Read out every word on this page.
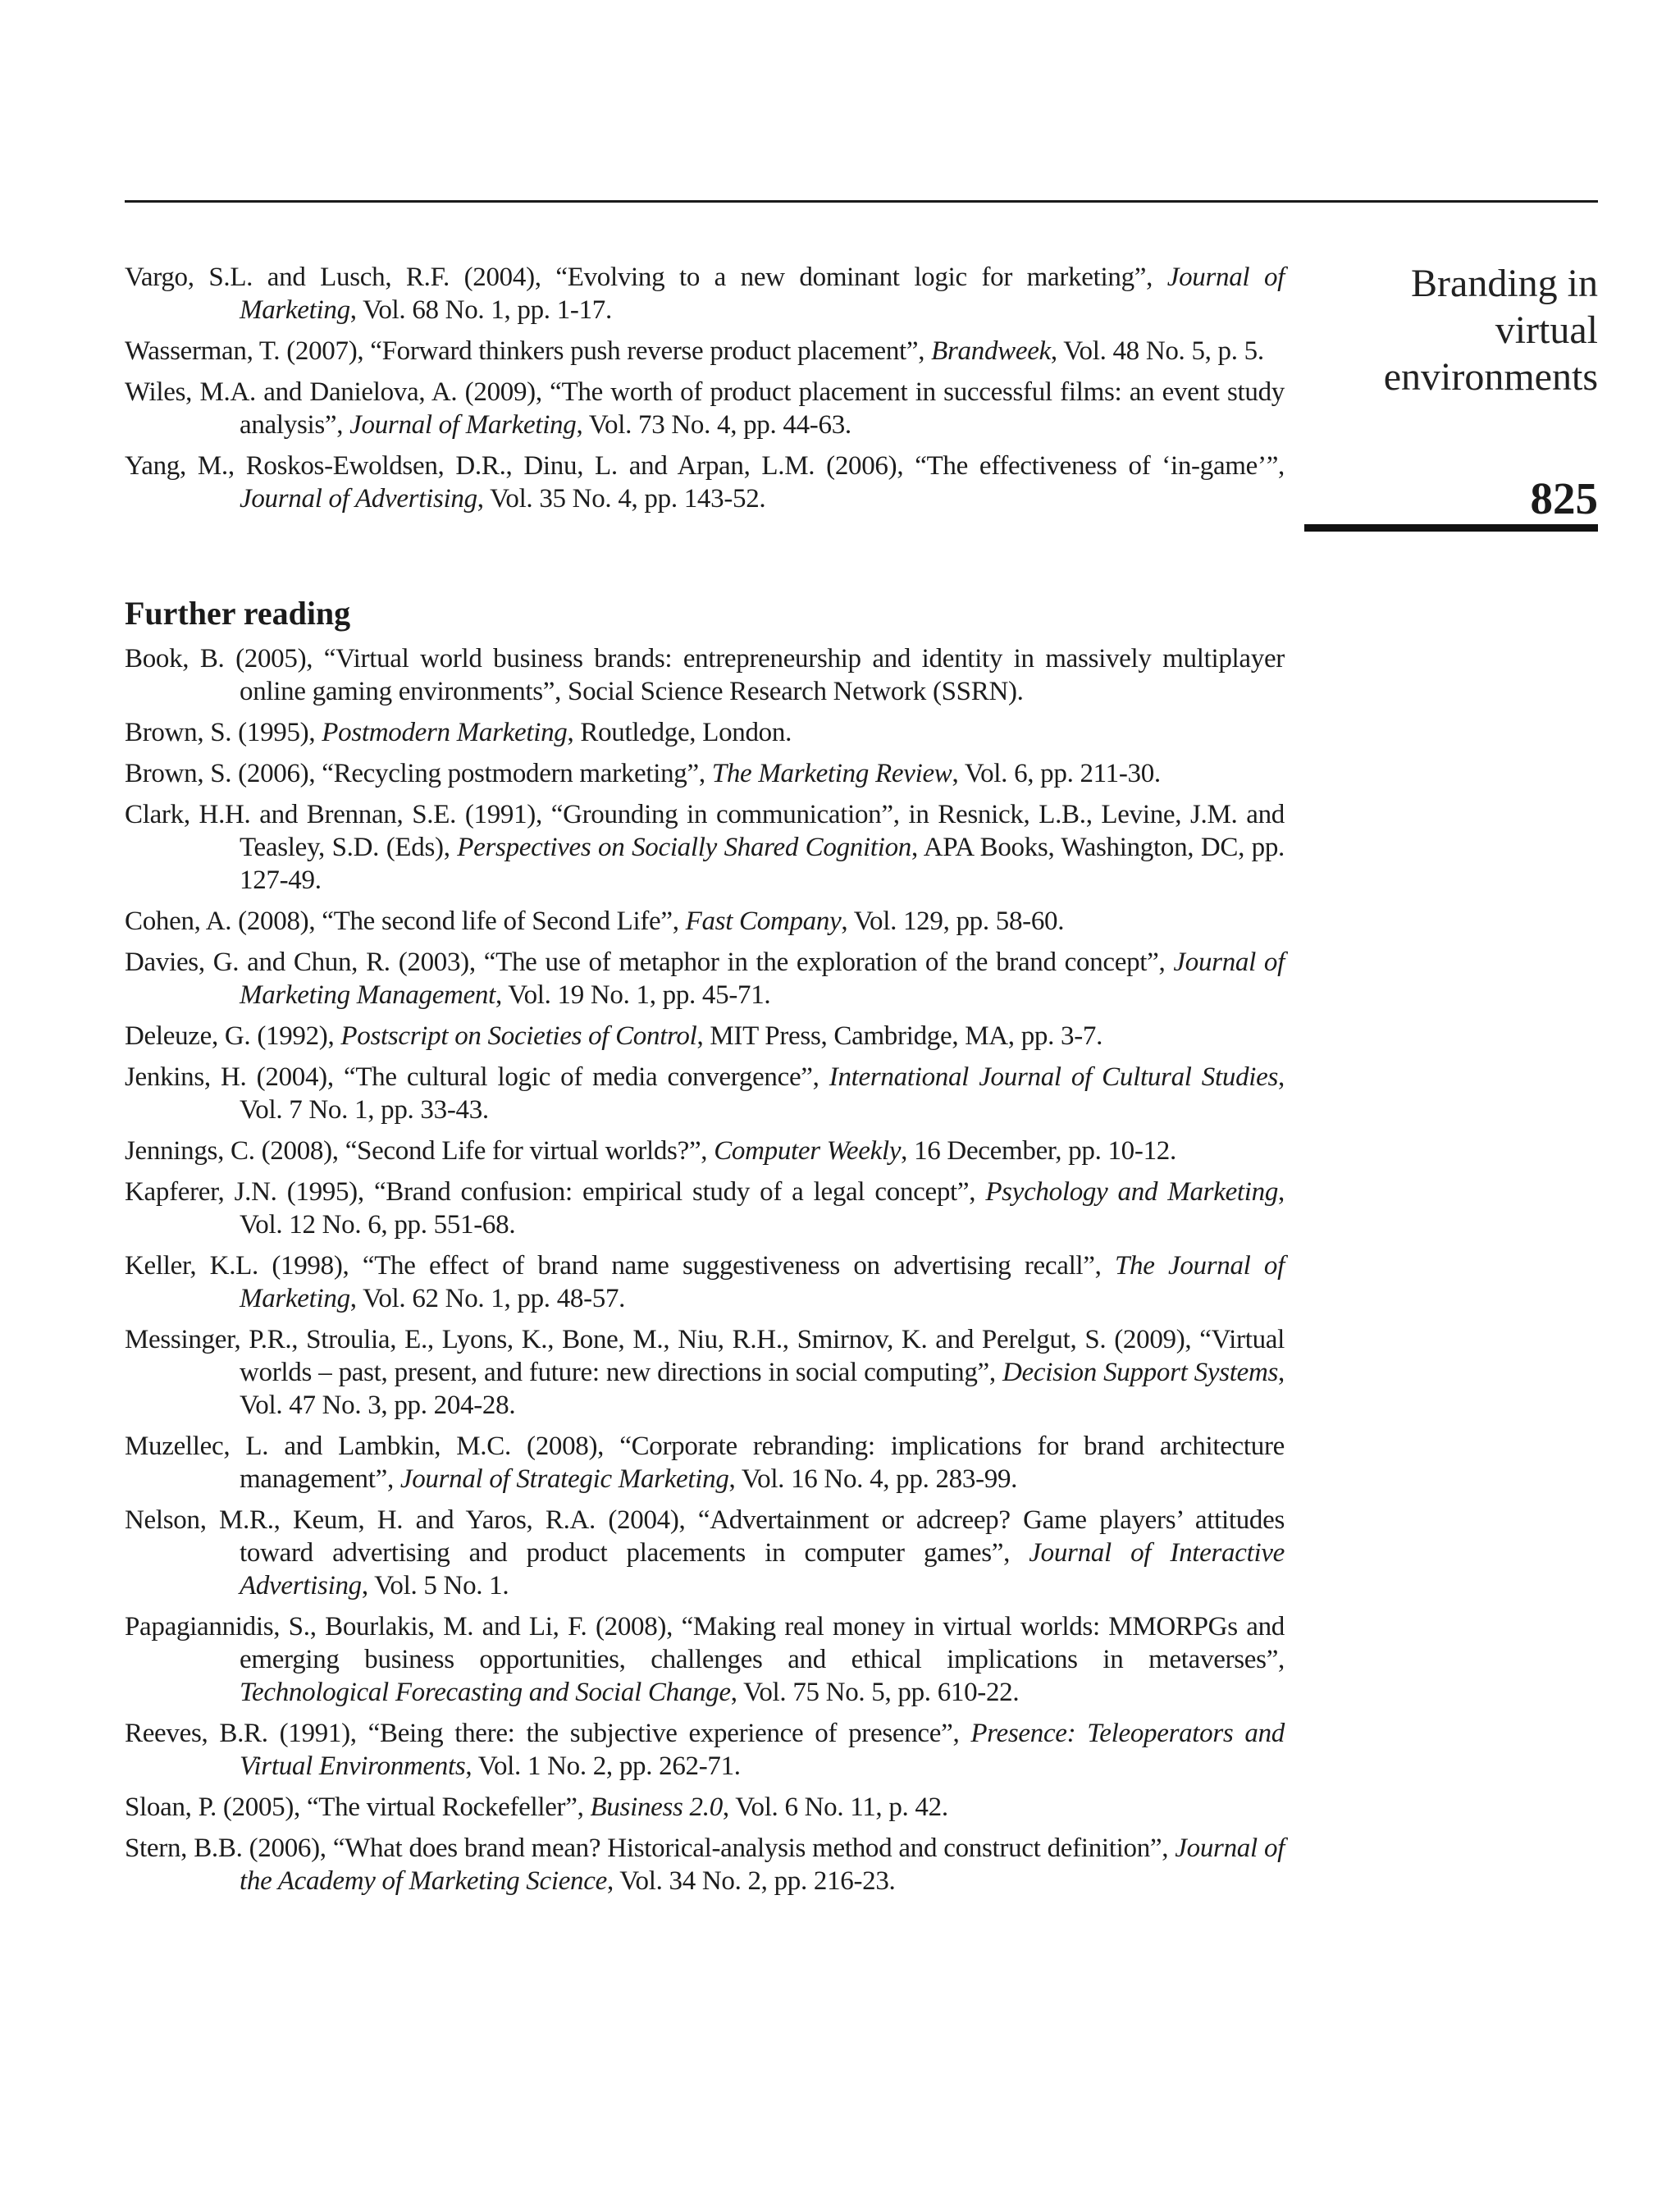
Vargo, S.L. and Lusch, R.F. (2004), “Evolving to a new dominant logic for marketing”, Journal of Marketing, Vol. 68 No. 1, pp. 1-17.

Wasserman, T. (2007), “Forward thinkers push reverse product placement”, Brandweek, Vol. 48 No. 5, p. 5.

Wiles, M.A. and Danielova, A. (2009), “The worth of product placement in successful films: an event study analysis”, Journal of Marketing, Vol. 73 No. 4, pp. 44-63.

Yang, M., Roskos-Ewoldsen, D.R., Dinu, L. and Arpan, L.M. (2006), “The effectiveness of ‘in-game’”, Journal of Advertising, Vol. 35 No. 4, pp. 143-52.

Further reading

Book, B. (2005), “Virtual world business brands: entrepreneurship and identity in massively multiplayer online gaming environments”, Social Science Research Network (SSRN).

Brown, S. (1995), Postmodern Marketing, Routledge, London.

Brown, S. (2006), “Recycling postmodern marketing”, The Marketing Review, Vol. 6, pp. 211-30.

Clark, H.H. and Brennan, S.E. (1991), “Grounding in communication”, in Resnick, L.B., Levine, J.M. and Teasley, S.D. (Eds), Perspectives on Socially Shared Cognition, APA Books, Washington, DC, pp. 127-49.

Cohen, A. (2008), “The second life of Second Life”, Fast Company, Vol. 129, pp. 58-60.

Davies, G. and Chun, R. (2003), “The use of metaphor in the exploration of the brand concept”, Journal of Marketing Management, Vol. 19 No. 1, pp. 45-71.

Deleuze, G. (1992), Postscript on Societies of Control, MIT Press, Cambridge, MA, pp. 3-7.

Jenkins, H. (2004), “The cultural logic of media convergence”, International Journal of Cultural Studies, Vol. 7 No. 1, pp. 33-43.

Jennings, C. (2008), “Second Life for virtual worlds?”, Computer Weekly, 16 December, pp. 10-12.

Kapferer, J.N. (1995), “Brand confusion: empirical study of a legal concept”, Psychology and Marketing, Vol. 12 No. 6, pp. 551-68.

Keller, K.L. (1998), “The effect of brand name suggestiveness on advertising recall”, The Journal of Marketing, Vol. 62 No. 1, pp. 48-57.

Messinger, P.R., Stroulia, E., Lyons, K., Bone, M., Niu, R.H., Smirnov, K. and Perelgut, S. (2009), “Virtual worlds – past, present, and future: new directions in social computing”, Decision Support Systems, Vol. 47 No. 3, pp. 204-28.

Muzellec, L. and Lambkin, M.C. (2008), “Corporate rebranding: implications for brand architecture management”, Journal of Strategic Marketing, Vol. 16 No. 4, pp. 283-99.

Nelson, M.R., Keum, H. and Yaros, R.A. (2004), “Advertainment or adcreep? Game players’ attitudes toward advertising and product placements in computer games”, Journal of Interactive Advertising, Vol. 5 No. 1.

Papagiannidis, S., Bourlakis, M. and Li, F. (2008), “Making real money in virtual worlds: MMORPGs and emerging business opportunities, challenges and ethical implications in metaverses”, Technological Forecasting and Social Change, Vol. 75 No. 5, pp. 610-22.

Reeves, B.R. (1991), “Being there: the subjective experience of presence”, Presence: Teleoperators and Virtual Environments, Vol. 1 No. 2, pp. 262-71.

Sloan, P. (2005), “The virtual Rockefeller”, Business 2.0, Vol. 6 No. 11, p. 42.

Stern, B.B. (2006), “What does brand mean? Historical-analysis method and construct definition”, Journal of the Academy of Marketing Science, Vol. 34 No. 2, pp. 216-23.

Branding in
virtual
environments
825
